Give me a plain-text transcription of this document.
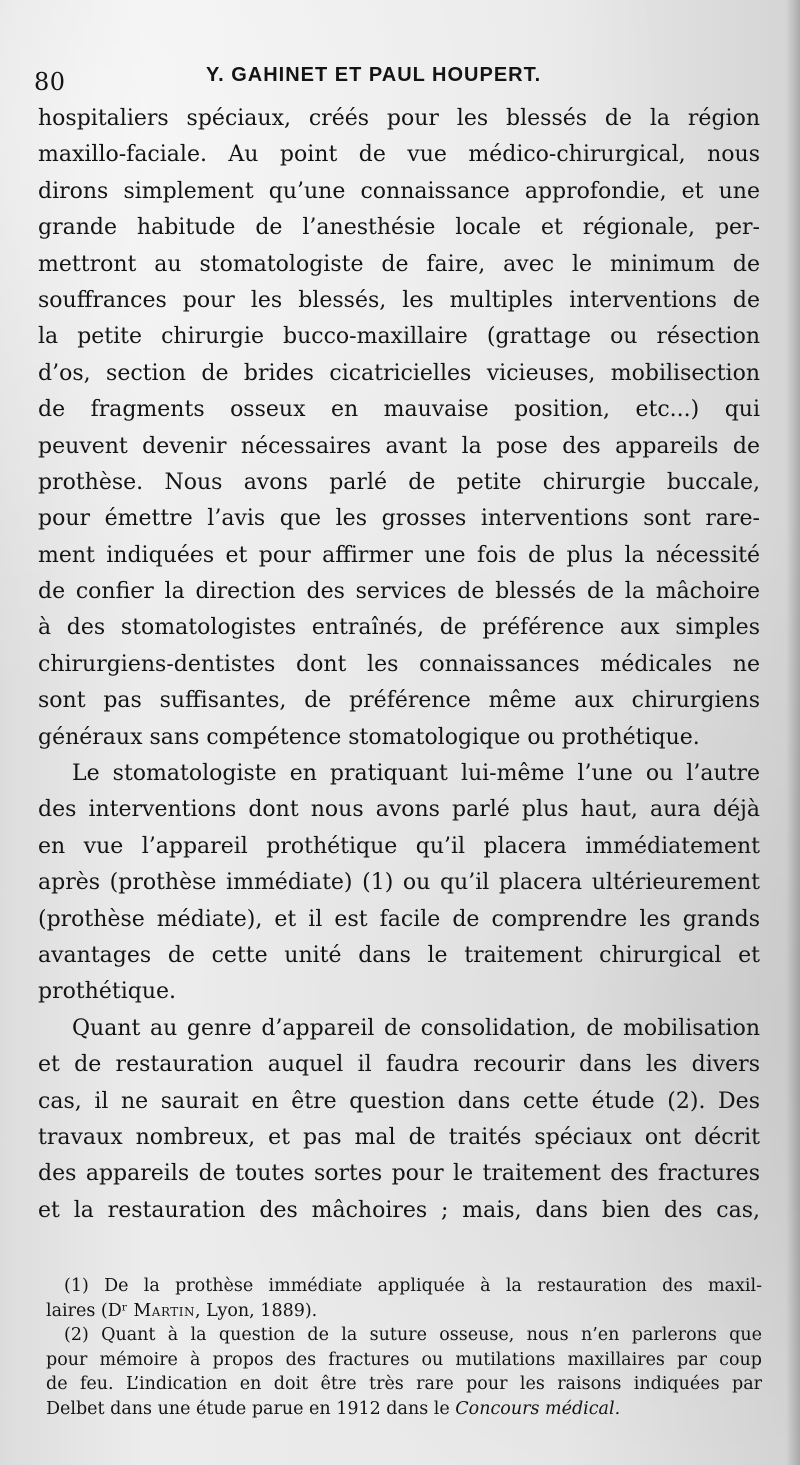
80	Y. GAHINET ET PAUL HOUPERT.
hospitaliers spéciaux, créés pour les blessés de la région
maxillo-faciale. Au point de vue médico-chirurgical, nous
dirons simplement qu’une connaissance approfondie, et une
grande habitude de l’anesthésie locale et régionale, per-
mettront au stomatologiste de faire, avec le minimum de
souffrances pour les blessés, les multiples interventions de
la petite chirurgie bucco-maxillaire (grattage ou résection
d’os, section de brides cicatricielles vicieuses, mobilisection
de fragments osseux en mauvaise position, etc...) qui
peuvent devenir nécessaires avant la pose des appareils de
prothèse. Nous avons parlé de petite chirurgie buccale,
pour émettre l’avis que les grosses interventions sont rare-
ment indiquées et pour affirmer une fois de plus la nécessité
de confier la direction des services de blessés de la mâchoire
à des stomatologistes entraînés, de préférence aux simples
chirurgiens-dentistes dont les connaissances médicales ne
sont pas suffisantes, de préférence même aux chirurgiens
généraux sans compétence stomatologique ou prothétique.
Le stomatologiste en pratiquant lui-même l’une ou l’autre
des interventions dont nous avons parlé plus haut, aura déjà
en vue l’appareil prothétique qu’il placera immédiatement
après (prothèse immédiate) (1) ou qu’il placera ultérieurement
(prothèse médiate), et il est facile de comprendre les grands
avantages de cette unité dans le traitement chirurgical et
prothétique.
Quant au genre d’appareil de consolidation, de mobilisation
et de restauration auquel il faudra recourir dans les divers
cas, il ne saurait en être question dans cette étude (2). Des
travaux nombreux, et pas mal de traités spéciaux ont décrit
des appareils de toutes sortes pour le traitement des fractures
et la restauration des mâchoires ; mais, dans bien des cas,
(1) De la prothèse immédiate appliquée à la restauration des maxil-
laires (Dʳ Martin, Lyon, 1889).
(2) Quant à la question de la suture osseuse, nous n’en parlerons que
pour mémoire à propos des fractures ou mutilations maxillaires par coup
de feu. L’indication en doit être très rare pour les raisons indiquées par
Delbet dans une étude parue en 1912 dans le Concours médical.
